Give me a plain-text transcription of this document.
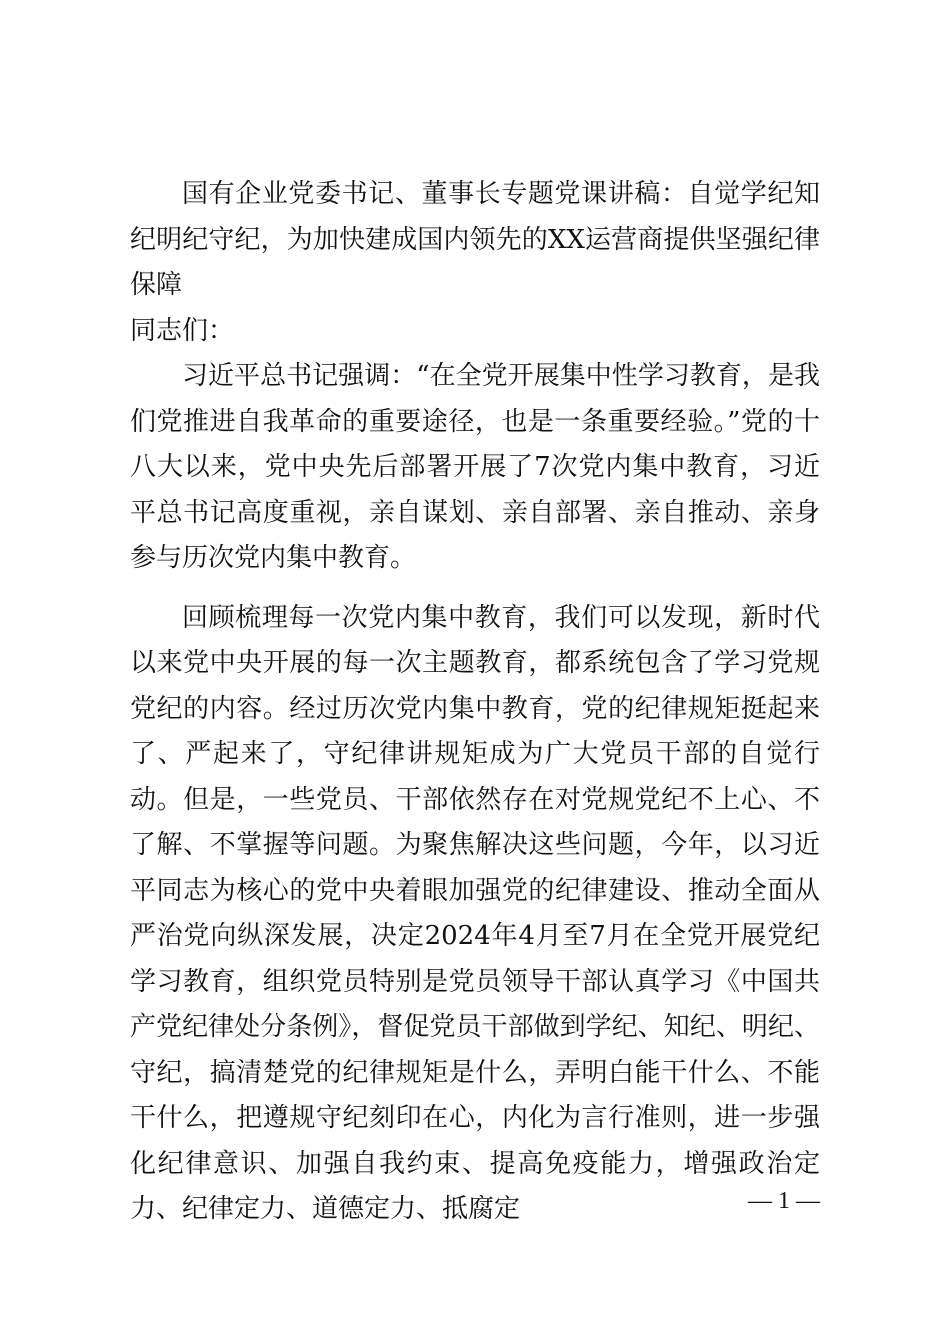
国有企业党委书记、董事长专题党课讲稿：自觉学纪知纪明纪守纪，为加快建成国内领先的XX运营商提供坚强纪律保障

同志们：

习近平总书记强调：“在全党开展集中性学习教育，是我们党推进自我革命的重要途径，也是一条重要经验。”党的十八大以来，党中央先后部署开展了7次党内集中教育，习近平总书记高度重视，亲自谋划、亲自部署、亲自推动、亲身参与历次党内集中教育。

回顾梳理每一次党内集中教育，我们可以发现，新时代以来党中央开展的每一次主题教育，都系统包含了学习党规党纪的内容。经过历次党内集中教育，党的纪律规矩挺起来了、严起来了，守纪律讲规矩成为广大党员干部的自觉行动。但是，一些党员、干部依然存在对党规党纪不上心、不了解、不掌握等问题。为聚焦解决这些问题，今年，以习近平同志为核心的党中央着眼加强党的纪律建设、推动全面从严治党向纵深发展，决定2024年4月至7月在全党开展党纪学习教育，组织党员特别是党员领导干部认真学习《中国共产党纪律处分条例》，督促党员干部做到学纪、知纪、明纪、守纪，搞清楚党的纪律规矩是什么，弄明白能干什么、不能干什么，把遵规守纪刻印在心，内化为言行准则，进一步强化纪律意识、加强自我约束、提高免疫能力，增强政治定力、纪律定力、道德定力、抵腐定	— 1 —
